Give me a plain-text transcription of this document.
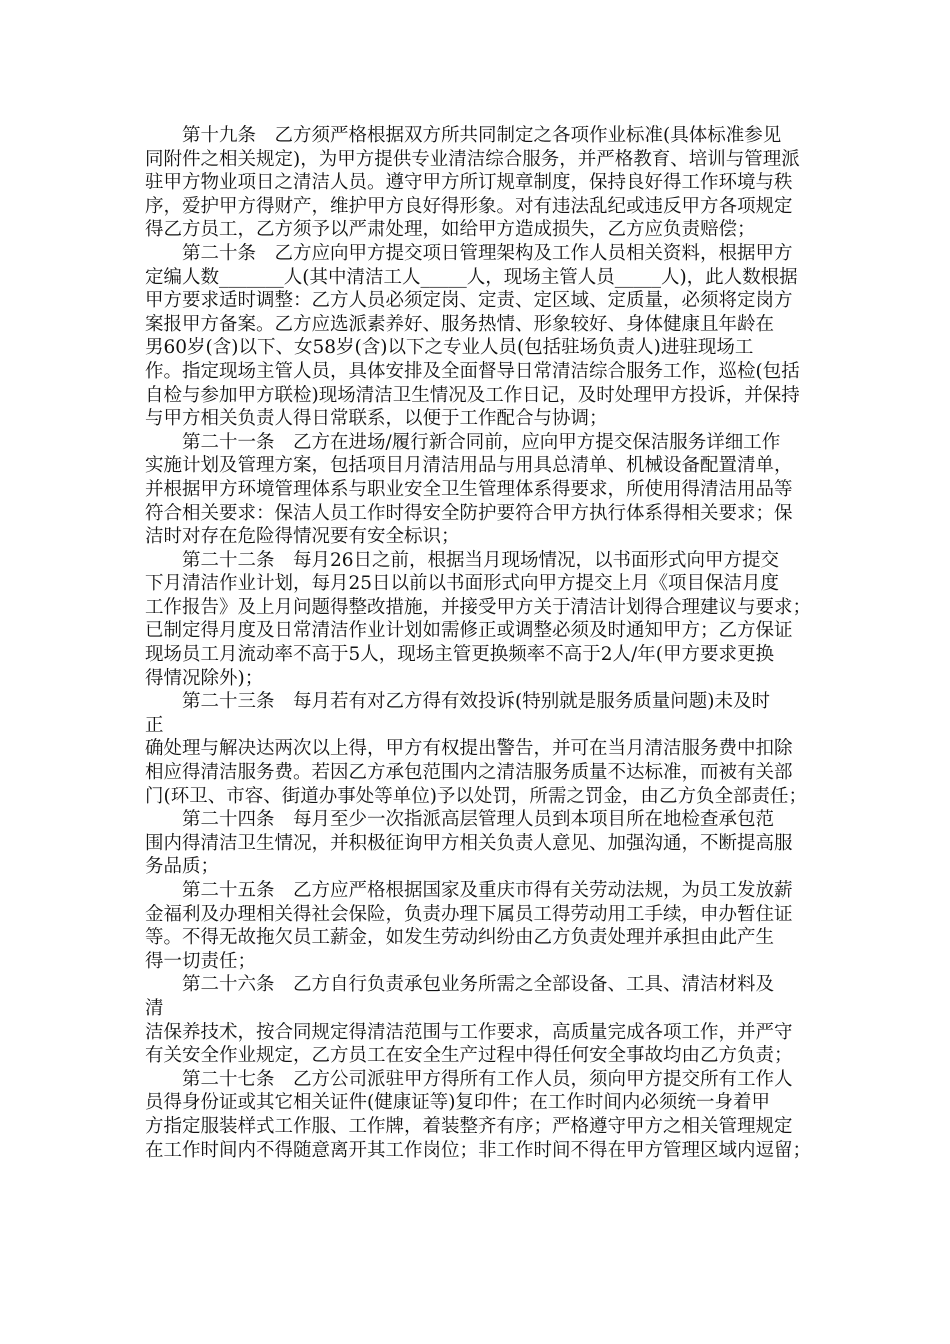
第十九条　乙方须严格根据双方所共同制定之各项作业标准(具体标准参见
同附件之相关规定)，为甲方提供专业清洁综合服务，并严格教育、培训与管理派
驻甲方物业项日之清洁人员。遵守甲方所订规章制度，保持良好得工作环境与秩
序，爱护甲方得财产，维护甲方良好得形象。对有违法乱纪或违反甲方各项规定
得乙方员工，乙方须予以严肃处理，如给甲方造成损失，乙方应负责赔偿；
第二十条　乙方应向甲方提交项日管理架构及工作人员相关资料，根据甲方
定编人数_______人(其中清洁工人_____人，现场主管人员_____人)，此人数根据
甲方要求适时调整：乙方人员必须定岗、定责、定区域、定质量，必须将定岗方
案报甲方备案。乙方应选派素养好、服务热情、形象较好、身体健康且年龄在
男60岁(含)以下、女58岁(含)以下之专业人员(包括驻场负责人)进驻现场工
作。指定现场主管人员，具体安排及全面督导日常清洁综合服务工作，巡检(包括
自检与参加甲方联检)现场清洁卫生情况及工作日记，及时处理甲方投诉，并保持
与甲方相关负责人得日常联系，以便于工作配合与协调；
第二十一条　乙方在进场/履行新合同前，应向甲方提交保洁服务详细工作
实施计划及管理方案，包括项目月清洁用品与用具总清单、机械设备配置清单，
并根据甲方环境管理体系与职业安全卫生管理体系得要求，所使用得清洁用品等
符合相关要求：保洁人员工作时得安全防护要符合甲方执行体系得相关要求；保
洁时对存在危险得情况要有安全标识；
第二十二条　每月26日之前，根据当月现场情况，以书面形式向甲方提交
下月清洁作业计划，每月25日以前以书面形式向甲方提交上月《项目保洁月度
工作报告》及上月问题得整改措施，并接受甲方关于清洁计划得合理建议与要求；
已制定得月度及日常清洁作业计划如需修正或调整必须及时通知甲方；乙方保证
现场员工月流动率不高于5人，现场主管更换频率不高于2人/年(甲方要求更换
得情况除外)；
第二十三条　每月若有对乙方得有效投诉(特别就是服务质量问题)未及时
正
确处理与解决达两次以上得，甲方有权提出警告，并可在当月清洁服务费中扣除
相应得清洁服务费。若因乙方承包范围内之清洁服务质量不达标准，而被有关部
门(环卫、市容、街道办事处等单位)予以处罚，所需之罚金，由乙方负全部责任；
第二十四条　每月至少一次指派高层管理人员到本项目所在地检查承包范
围内得清洁卫生情况，并积极征询甲方相关负责人意见、加强沟通，不断提高服
务品质；
第二十五条　乙方应严格根据国家及重庆市得有关劳动法规，为员工发放薪
金福利及办理相关得社会保险，负责办理下属员工得劳动用工手续，申办暂住证
等。不得无故拖欠员工薪金，如发生劳动纠纷由乙方负责处理并承担由此产生
得一切责任；
第二十六条　乙方自行负责承包业务所需之全部设备、工具、清洁材料及
清
洁保养技术，按合同规定得清洁范围与工作要求，高质量完成各项工作，并严守
有关安全作业规定，乙方员工在安全生产过程中得任何安全事故均由乙方负责；
第二十七条　乙方公司派驻甲方得所有工作人员，须向甲方提交所有工作人
员得身份证或其它相关证件(健康证等)复印件；在工作时间内必须统一身着甲
方指定服装样式工作服、工作牌，着装整齐有序；严格遵守甲方之相关管理规定
在工作时间内不得随意离开其工作岗位；非工作时间不得在甲方管理区域内逗留；
